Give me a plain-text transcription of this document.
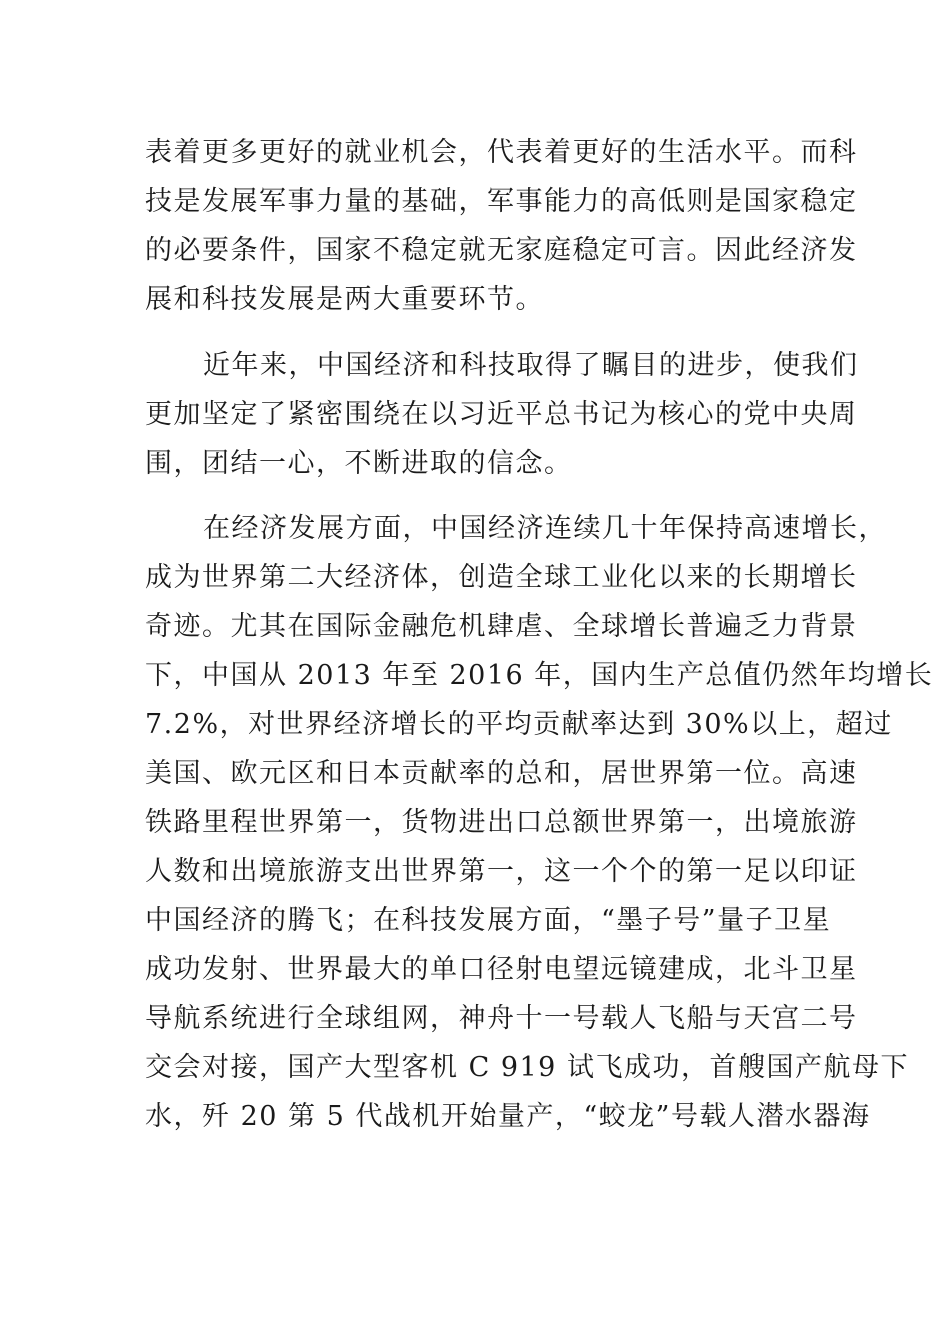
表着更多更好的就业机会，代表着更好的生活水平。而科
技是发展军事力量的基础，军事能力的高低则是国家稳定
的必要条件，国家不稳定就无家庭稳定可言。因此经济发
展和科技发展是两大重要环节。
近年来，中国经济和科技取得了瞩目的进步，使我们
更加坚定了紧密围绕在以习近平总书记为核心的党中央周
围，团结一心，不断进取的信念。
在经济发展方面，中国经济连续几十年保持高速增长，
成为世界第二大经济体，创造全球工业化以来的长期增长
奇迹。尤其在国际金融危机肆虐、全球增长普遍乏力背景
下，中国从 2013 年至 2016 年，国内生产总值仍然年均增长
7.2%，对世界经济增长的平均贡献率达到 30%以上，超过
美国、欧元区和日本贡献率的总和，居世界第一位。高速
铁路里程世界第一，货物进出口总额世界第一，出境旅游
人数和出境旅游支出世界第一，这一个个的第一足以印证
中国经济的腾飞；在科技发展方面，“墨子号”量子卫星
成功发射、世界最大的单口径射电望远镜建成，北斗卫星
导航系统进行全球组网，神舟十一号载人飞船与天宫二号
交会对接，国产大型客机 C 919 试飞成功，首艘国产航母下
水，歼 20 第 5 代战机开始量产，“蛟龙”号载人潜水器海
